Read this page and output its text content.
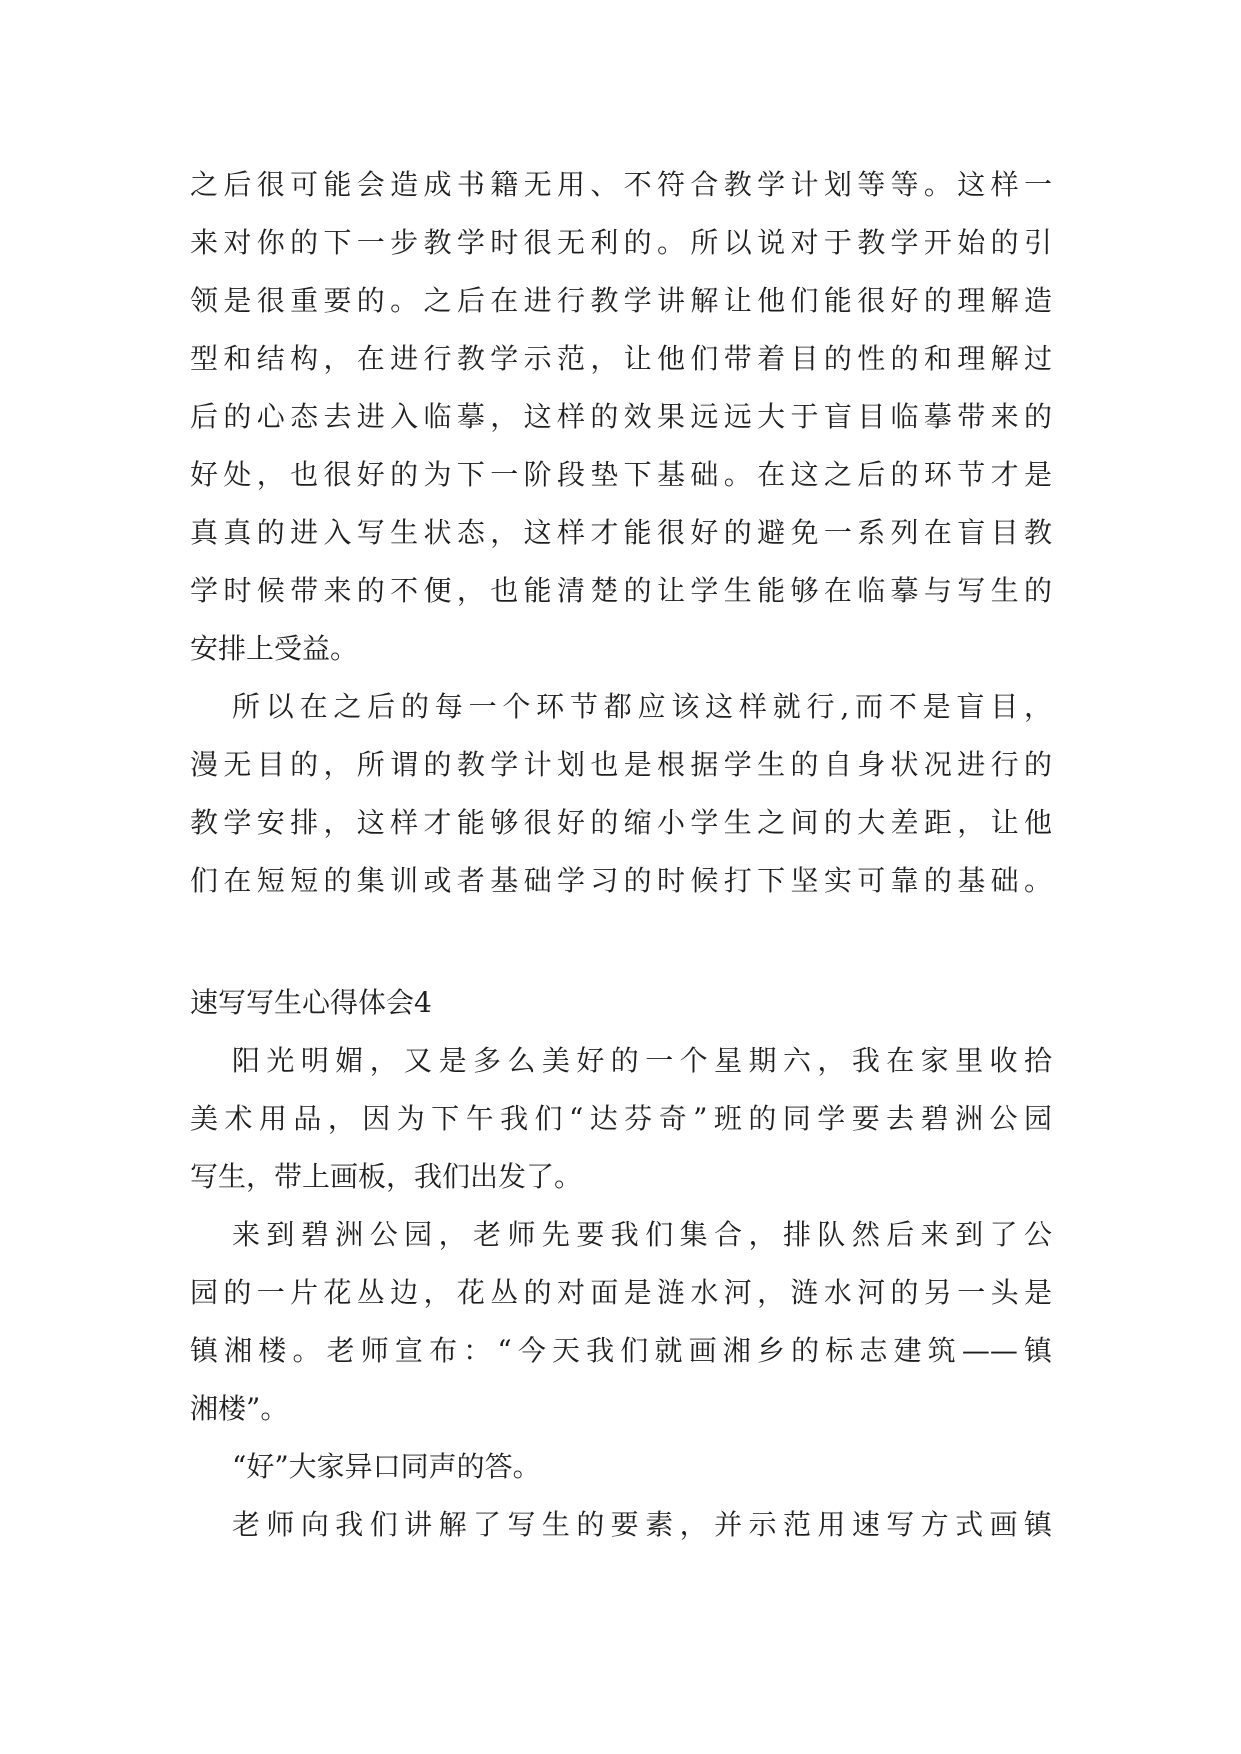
之后很可能会造成书籍无用、不符合教学计划等等。这样一
来对你的下一步教学时很无利的。所以说对于教学开始的引
领是很重要的。之后在进行教学讲解让他们能很好的理解造
型和结构，在进行教学示范，让他们带着目的性的和理解过
后的心态去进入临摹，这样的效果远远大于盲目临摹带来的
好处，也很好的为下一阶段垫下基础。在这之后的环节才是
真真的进入写生状态，这样才能很好的避免一系列在盲目教
学时候带来的不便，也能清楚的让学生能够在临摹与写生的
安排上受益。
所以在之后的每一个环节都应该这样就行,而不是盲目，
漫无目的，所谓的教学计划也是根据学生的自身状况进行的
教学安排，这样才能够很好的缩小学生之间的大差距，让他
们在短短的集训或者基础学习的时候打下坚实可靠的基础。
速写写生心得体会4
阳光明媚，又是多么美好的一个星期六，我在家里收拾
美术用品，因为下午我们“达芬奇”班的同学要去碧洲公园
写生，带上画板，我们出发了。
来到碧洲公园，老师先要我们集合，排队然后来到了公
园的一片花丛边，花丛的对面是涟水河，涟水河的另一头是
镇湘楼。老师宣布：“今天我们就画湘乡的标志建筑——镇
湘楼”。
“好”大家异口同声的答。
老师向我们讲解了写生的要素，并示范用速写方式画镇
